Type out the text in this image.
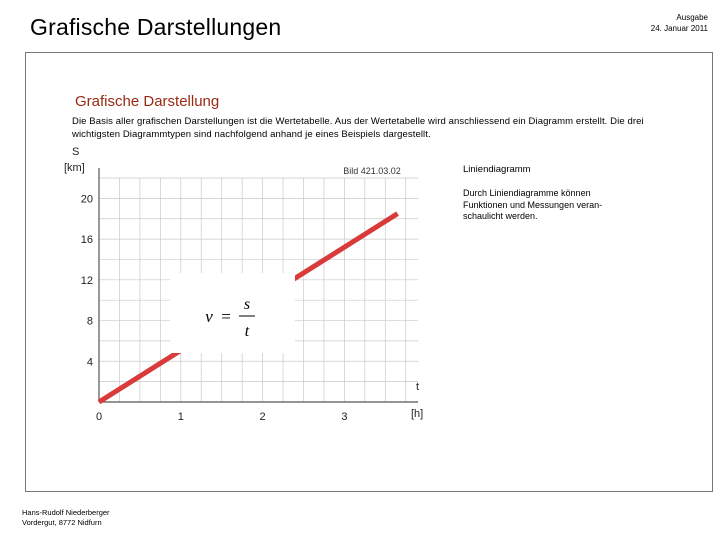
Grafische Darstellungen	Ausgabe
24. Januar 2011
Grafische Darstellung
Die Basis aller grafischen Darstellungen ist die Wertetabelle. Aus der Wertetabelle wird anschliessend ein Diagramm erstellt. Die drei
wichtigsten Diagrammtypen sind nachfolgend anhand je eines Beispiels dargestellt.
0	1	2	3
4
8
12
16
20
S
[km]
t
[h]
v =
s
t
Bild 421.03.02	Liniendiagramm
Durch Liniendiagramme können
Funktionen und Messungen veran-
schaulicht werden.
Hans-Rudolf Niederberger
Vordergut, 8772 Nidfurn
